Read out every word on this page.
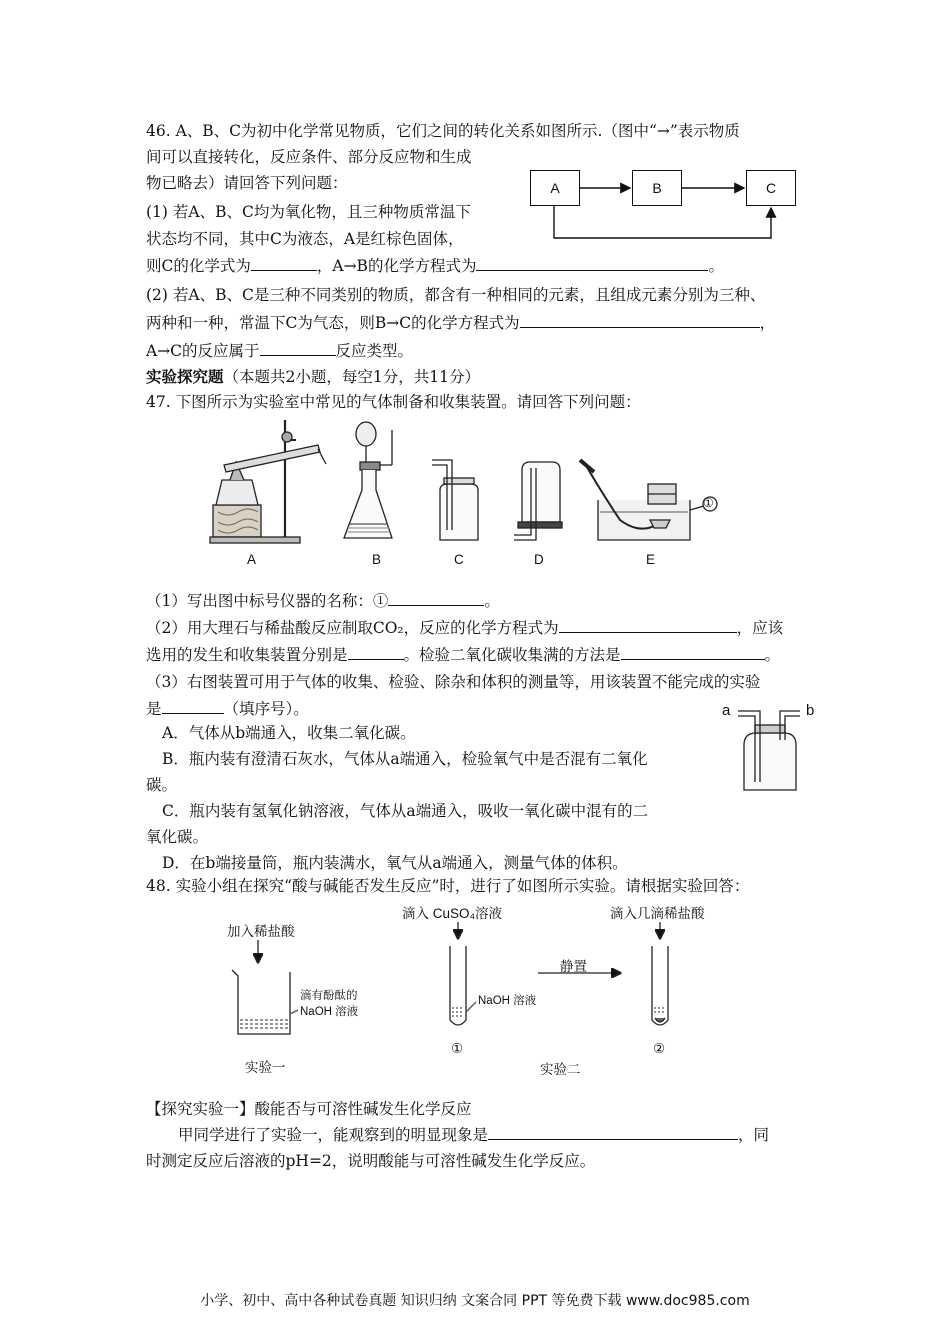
46. A、B、C为初中化学常见物质，它们之间的转化关系如图所示.（图中“→”表示物质
间可以直接转化，反应条件、部分反应物和生成
物已略去）请回答下列问题：
(1) 若A、B、C均为氧化物，且三种物质常温下
状态均不同，其中C为液态，A是红棕色固体，
则C的化学式为	，A→B的化学方程式为	。
(2) 若A、B、C是三种不同类别的物质，都含有一种相同的元素，且组成元素分别为三种、
两种和一种，常温下C为气态，则B→C的化学方程式为	，
A→C的反应属于	反应类型。
A	B	C
实验探究题（本题共2小题，每空1分，共11分）
47. 下图所示为实验室中常见的气体制备和收集装置。请回答下列问题：
①
A	B	C	D	E
（1）写出图中标号仪器的名称：①	。
（2）用大理石与稀盐酸反应制取CO₂，反应的化学方程式为	，应该
选用的发生和收集装置分别是	。检验二氧化碳收集满的方法是	。
（3）右图装置可用于气体的收集、检验、除杂和体积的测量等，用该装置不能完成的实验
是	（填序号）。
A．气体从b端通入，收集二氧化碳。
B．瓶内装有澄清石灰水，气体从a端通入，检验氧气中是否混有二氧化
碳。
C．瓶内装有氢氧化钠溶液，气体从a端通入，吸收一氧化碳中混有的二
氧化碳。
D．在b端接量筒，瓶内装满水，氧气从a端通入，测量气体的体积。
a	b
48. 实验小组在探究“酸与碱能否发生反应”时，进行了如图所示实验。请根据实验回答：
加入稀盐酸
滴有酚酞的
NaOH 溶液
实验一
滴入 CuSO₄溶液
NaOH 溶液
①
静置
滴入几滴稀盐酸
②
实验二
【探究实验一】酸能否与可溶性碱发生化学反应
甲同学进行了实验一，能观察到的明显现象是	，同
时测定反应后溶液的pH=2，说明酸能与可溶性碱发生化学反应。
小学、初中、高中各种试卷真题 知识归纳 文案合同 PPT 等免费下载 www.doc985.com
